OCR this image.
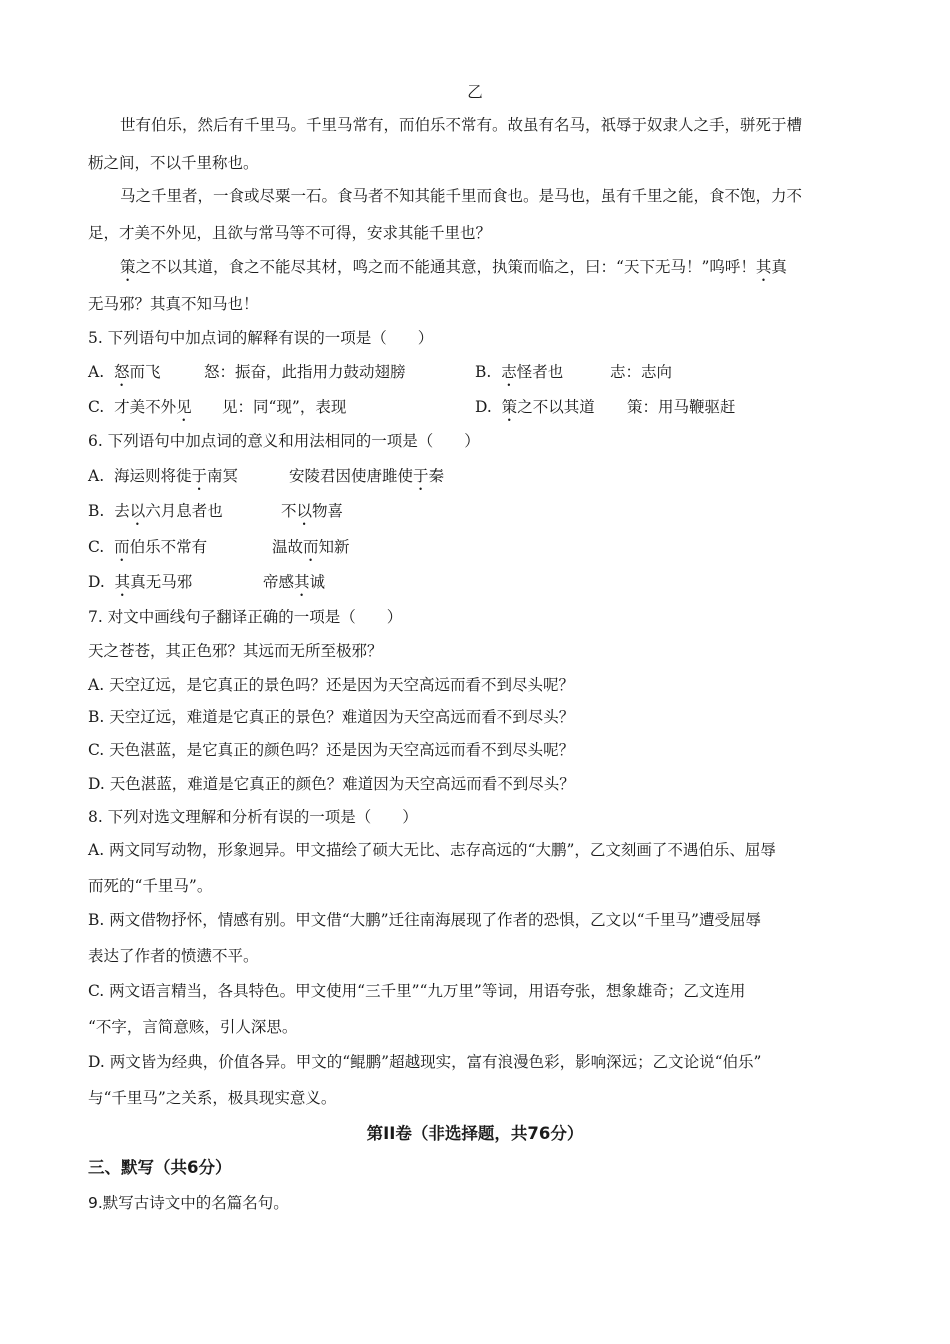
乙
世有伯乐，然后有千里马。千里马常有，而伯乐不常有。故虽有名马，祇辱于奴隶人之手，骈死于槽
枥之间，不以千里称也。
马之千里者，一食或尽粟一石。食马者不知其能千里而食也。是马也，虽有千里之能，食不饱，力不
足，才美不外见，且欲与常马等不可得，安求其能千里也？
策之不以其道，食之不能尽其材，鸣之而不能通其意，执策而临之，曰：“天下无马！”呜呼！其真
无马邪？其真不知马也！
5. 下列语句中加点词的解释有误的一项是（　　）
A. 怒而飞	怒：振奋，此指用力鼓动翅膀	B. 志怪者也	志：志向
C. 才美不外见 见：同“现”，表现	D. 策之不以其道 策：用马鞭驱赶
6. 下列语句中加点词的意义和用法相同的一项是（　　）
A. 海运则将徙于南冥	安陵君因使唐雎使于秦
B. 去以六月息者也	不以物喜
C. 而伯乐不常有	温故而知新
D. 其真无马邪	帝感其诚
7. 对文中画线句子翻译正确的一项是（　　）
天之苍苍，其正色邪？其远而无所至极邪？
A. 天空辽远，是它真正的景色吗？还是因为天空高远而看不到尽头呢？
B. 天空辽远，难道是它真正的景色？难道因为天空高远而看不到尽头？
C. 天色湛蓝，是它真正的颜色吗？还是因为天空高远而看不到尽头呢？
D. 天色湛蓝，难道是它真正的颜色？难道因为天空高远而看不到尽头？
8. 下列对选文理解和分析有误的一项是（　　）
A. 两文同写动物，形象迥异。甲文描绘了硕大无比、志存高远的“大鹏”，乙文刻画了不遇伯乐、屈辱
而死的“千里马”。
B. 两文借物抒怀，情感有别。甲文借“大鹏”迁往南海展现了作者的恐惧，乙文以“千里马”遭受屈辱
表达了作者的愤懑不平。
C. 两文语言精当，各具特色。甲文使用“三千里”“九万里”等词，用语夸张，想象雄奇；乙文连用
“不字，言简意赅，引人深思。
D. 两文皆为经典，价值各异。甲文的“鲲鹏”超越现实，富有浪漫色彩，影响深远；乙文论说“伯乐”
与“千里马”之关系，极具现实意义。
第II卷（非选择题，共76分）
三、默写（共6分）
9.默写古诗文中的名篇名句。
